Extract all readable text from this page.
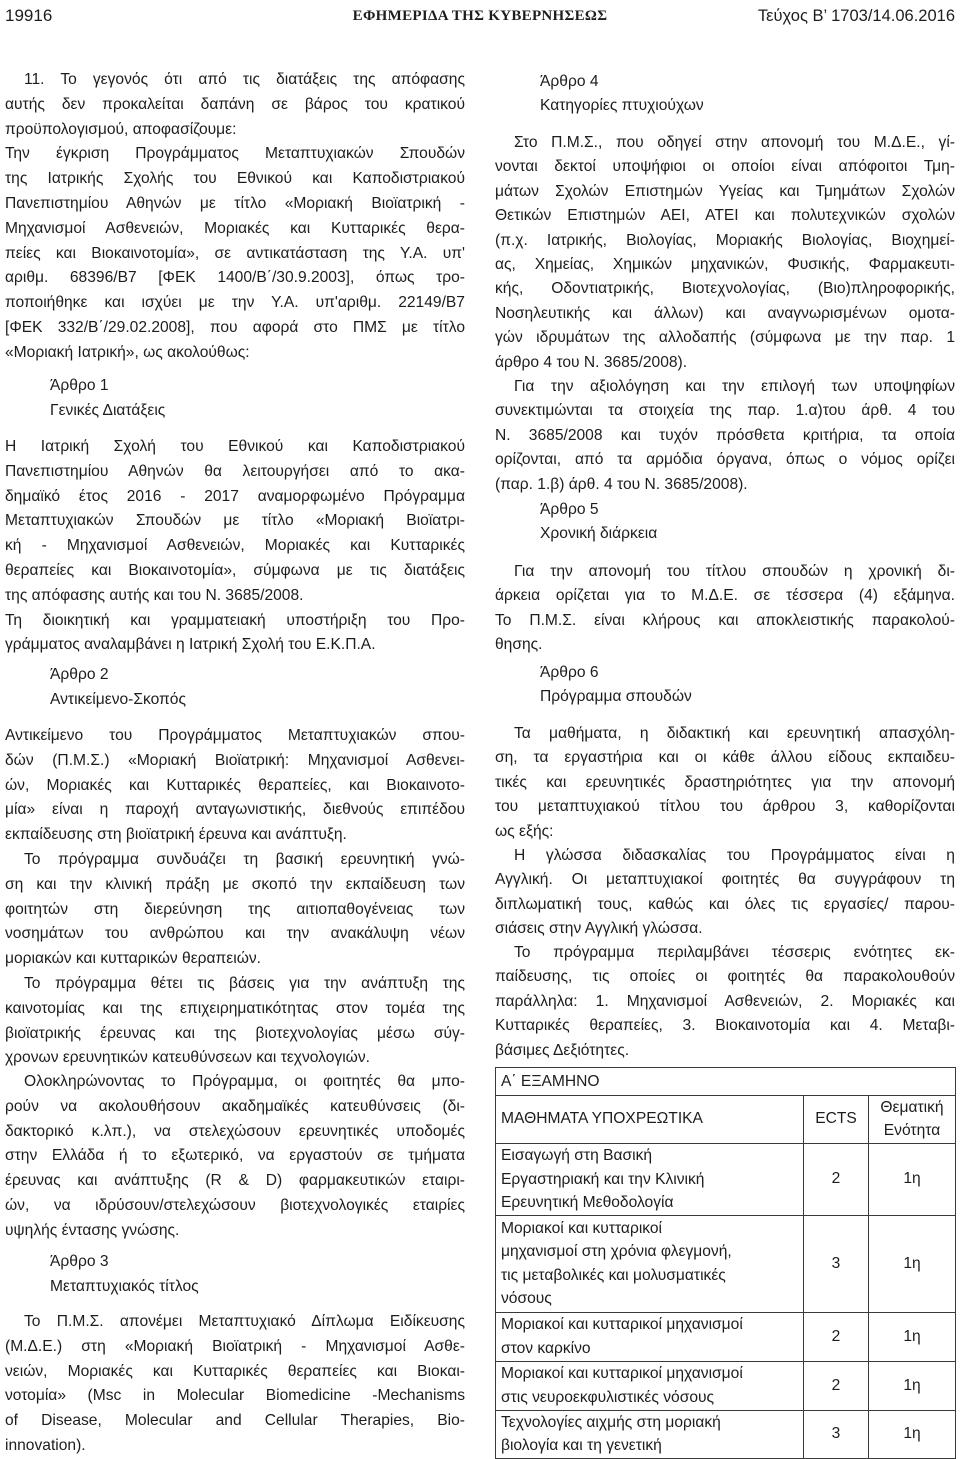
19916	ΕΦΗΜΕΡΙΔΑ ΤΗΣ ΚΥΒΕΡΝΗΣΕΩΣ	Τεύχος Β’ 1703/14.06.2016
11. Το γεγονός ότι από τις διατάξεις της απόφασης
αυτής δεν προκαλείται δαπάνη σε βάρος του κρατικού
προϋπολογισμού, αποφασίζουμε:
Την έγκριση Προγράμματος Μεταπτυχιακών Σπουδών
της Ιατρικής Σχολής του Εθνικού και Καποδιστριακού
Πανεπιστημίου Αθηνών με τίτλο «Μοριακή Βιοϊατρική -
Μηχανισμοί Ασθενειών, Μοριακές και Κυτταρικές θερα-
πείες και Βιοκαινοτομία», σε αντικατάσταση της Υ.Α. υπ'
αριθμ. 68396/Β7 [ΦΕΚ 1400/Β΄/30.9.2003], όπως τρο-
ποποιήθηκε και ισχύει με την Υ.Α. υπ'αριθμ. 22149/Β7
[ΦΕΚ 332/Β΄/29.02.2008], που αφορά στο ΠΜΣ με τίτλο
«Μοριακή Ιατρική», ως ακολούθως:
Άρθρο 1
Γενικές Διατάξεις
Η Ιατρική Σχολή του Εθνικού και Καποδιστριακού
Πανεπιστημίου Αθηνών θα λειτουργήσει από το ακα-
δημαϊκό έτος 2016 - 2017 αναμορφωμένο Πρόγραμμα
Μεταπτυχιακών Σπουδών με τίτλο «Μοριακή Βιοϊατρι-
κή - Μηχανισμοί Ασθενειών, Μοριακές και Κυτταρικές
θεραπείες και Βιοκαινοτομία», σύμφωνα με τις διατάξεις
της απόφασης αυτής και του Ν. 3685/2008.
Τη διοικητική και γραμματειακή υποστήριξη του Προ-
γράμματος αναλαμβάνει η Ιατρική Σχολή του Ε.Κ.Π.Α.
Άρθρο 2
Αντικείμενο-Σκοπός
Αντικείμενο του Προγράμματος Μεταπτυχιακών σπου-
δών (Π.Μ.Σ.) «Μοριακή Βιοϊατρική: Μηχανισμοί Ασθενει-
ών, Μοριακές και Κυτταρικές θεραπείες, και Βιοκαινοτο-
μία» είναι η παροχή ανταγωνιστικής, διεθνούς επιπέδου
εκπαίδευσης στη βιοϊατρική έρευνα και ανάπτυξη.
Το πρόγραμμα συνδυάζει τη βασική ερευνητική γνώ-
ση και την κλινική πράξη με σκοπό την εκπαίδευση των
φοιτητών στη διερεύνηση της αιτιοπαθογένειας των
νοσημάτων του ανθρώπου και την ανακάλυψη νέων
μοριακών και κυτταρικών θεραπειών.
Το πρόγραμμα θέτει τις βάσεις για την ανάπτυξη της
καινοτομίας και της επιχειρηματικότητας στον τομέα της
βιοϊατρικής έρευνας και της βιοτεχνολογίας μέσω σύγ-
χρονων ερευνητικών κατευθύνσεων και τεχνολογιών.
Ολοκληρώνοντας το Πρόγραμμα, οι φοιτητές θα μπο-
ρούν να ακολουθήσουν ακαδημαϊκές κατευθύνσεις (δι-
δακτορικό κ.λπ.), να στελεχώσουν ερευνητικές υποδομές
στην Ελλάδα ή το εξωτερικό, να εργαστούν σε τμήματα
έρευνας και ανάπτυξης (R & D) φαρμακευτικών εταιρι-
ών, να ιδρύσουν/στελεχώσουν βιοτεχνολογικές εταιρίες
υψηλής έντασης γνώσης.
Άρθρο 3
Μεταπτυχιακός τίτλος
Το Π.Μ.Σ. απονέμει Μεταπτυχιακό Δίπλωμα Ειδίκευσης
(Μ.Δ.Ε.) στη «Μοριακή Βιοϊατρική - Μηχανισμοί Ασθε-
νειών, Μοριακές και Κυτταρικές θεραπείες και Βιοκαι-
νοτομία» (Msc in Molecular Biomedicine -Mechanisms
of Disease, Molecular and Cellular Therapies, Bio-
innovation).
Άρθρο 4
Κατηγορίες πτυχιούχων
Στο Π.Μ.Σ., που οδηγεί στην απονομή του Μ.Δ.Ε., γί-
νονται δεκτοί υποψήφιοι οι οποίοι είναι απόφοιτοι Τμη-
μάτων Σχολών Επιστημών Υγείας και Τμημάτων Σχολών
Θετικών Επιστημών ΑΕΙ, ΑΤΕΙ και πολυτεχνικών σχολών
(π.χ. Ιατρικής, Βιολογίας, Μοριακής Βιολογίας, Βιοχημεί-
ας, Χημείας, Χημικών μηχανικών, Φυσικής, Φαρμακευτι-
κής, Οδοντιατρικής, Βιοτεχνολογίας, (Βιο)πληροφορικής,
Νοσηλευτικής και άλλων) και αναγνωρισμένων ομοτα-
γών ιδρυμάτων της αλλοδαπής (σύμφωνα με την παρ. 1
άρθρο 4 του Ν. 3685/2008).
Για την αξιολόγηση και την επιλογή των υποψηφίων
συνεκτιμώνται τα στοιχεία της παρ. 1.α)του άρθ. 4 του
Ν. 3685/2008 και τυχόν πρόσθετα κριτήρια, τα οποία
ορίζονται, από τα αρμόδια όργανα, όπως ο νόμος ορίζει
(παρ. 1.β) άρθ. 4 του Ν. 3685/2008).
Άρθρο 5
Χρονική διάρκεια
Για την απονομή του τίτλου σπουδών η χρονική δι-
άρκεια ορίζεται για το Μ.Δ.Ε. σε τέσσερα (4) εξάμηνα.
Το Π.Μ.Σ. είναι κλήρους και αποκλειστικής παρακολού-
θησης.
Άρθρο 6
Πρόγραμμα σπουδών
Τα μαθήματα, η διδακτική και ερευνητική απασχόλη-
ση, τα εργαστήρια και οι κάθε άλλου είδους εκπαιδευ-
τικές και ερευνητικές δραστηριότητες για την απονομή
του μεταπτυχιακού τίτλου του άρθρου 3, καθορίζονται
ως εξής:
Η γλώσσα διδασκαλίας του Προγράμματος είναι η
Αγγλική. Οι μεταπτυχιακοί φοιτητές θα συγγράφουν τη
διπλωματική τους, καθώς και όλες τις εργασίες/ παρου-
σιάσεις στην Αγγλική γλώσσα.
Το πρόγραμμα περιλαμβάνει τέσσερις ενότητες εκ-
παίδευσης, τις οποίες οι φοιτητές θα παρακολουθούν
παράλληλα: 1. Μηχανισμοί Ασθενειών, 2. Μοριακές και
Κυτταρικές θεραπείες, 3. Βιοκαινοτομία και 4. Μεταβι-
βάσιμες Δεξιότητες.
Α΄ ΕΞΑΜΗΝΟ		
ΜΑΘΗΜΑΤΑ ΥΠΟΧΡΕΩΤΙΚΑ	ECTS	Θεματική
Ενότητα

Εισαγωγή στη Βασική
Εργαστηριακή και την Κλινική
Ερευνητική Μεθοδολογία	2	1η

Μοριακοί και κυτταρικοί
μηχανισμοί στη χρόνια φλεγμονή,
τις μεταβολικές και μολυσματικές
νόσους	3	1η

Μοριακοί και κυτταρικοί μηχανισμοί
στον καρκίνο	2	1η

Μοριακοί και κυτταρικοί μηχανισμοί
στις νευροεκφυλιστικές νόσους	2	1η

Τεχνολογίες αιχμής στη μοριακή
βιολογία και τη γενετική	3	1η
